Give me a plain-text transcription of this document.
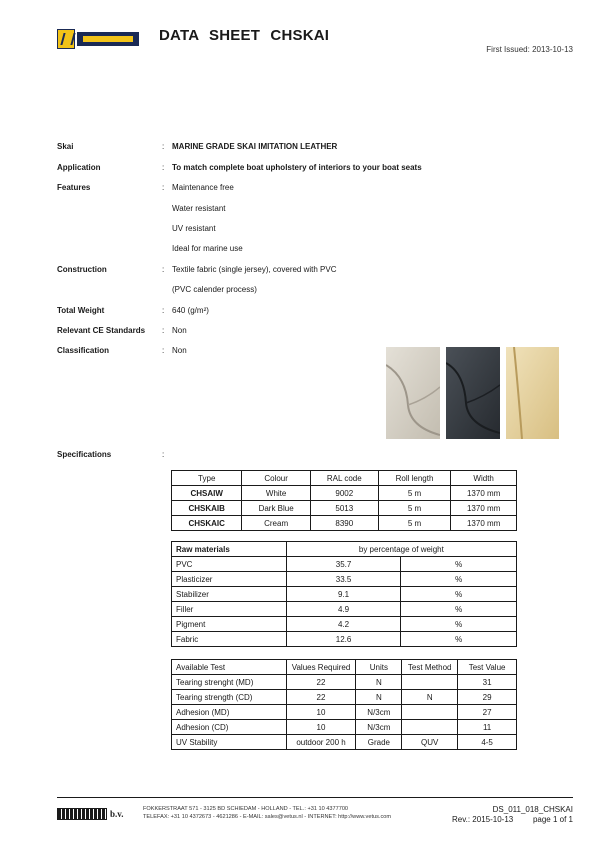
DATA SHEET CHSKAI
First Issued: 2013-10-13
Skai	: MARINE GRADE SKAI IMITATION LEATHER
Application	: To match complete boat upholstery of interiors to your boat seats
Features	: Maintenance free
Water resistant
UV resistant
Ideal for marine use
Construction	: Textile fabric (single jersey), covered with PVC
(PVC calender process)
Total Weight	: 640 (g/m²)
Relevant CE Standards : Non
Classification	: Non
Specifications	:
Type	Colour	RAL code	Roll length	Width
CHSAIW	White	9002	5 m	1370 mm
CHSKAIB	Dark Blue	5013	5 m	1370 mm
CHSKAIC	Cream	8390	5 m	1370 mm
Raw materials	by percentage of weight	
PVC	35.7	%
Plasticizer	33.5	%
Stabilizer	9.1	%
Filler	4.9	%
Pigment	4.2	%
Fabric	12.6	%
Available Test	Values Required	Units	Test Method	Test Value
Tearing strenght (MD)	22	N		31
Tearing strength (CD)	22	N	N	29
Adhesion (MD)	10	N/3cm		27
Adhesion (CD)	10	N/3cm		11
UV Stability	outdoor 200 h	Grade	QUV	4-5
b.v.	FOKKERSTRAAT 571 - 3125 BD SCHIEDAM - HOLLAND - TEL.: +31 10 4377700
TELEFAX: +31 10 4372673 - 4621286 - E-MAIL: sales@vetus.nl - INTERNET: http://www.vetus.com
DS_011_018_CHSKAI
Rev.: 2015-10-13 page 1 of 1
